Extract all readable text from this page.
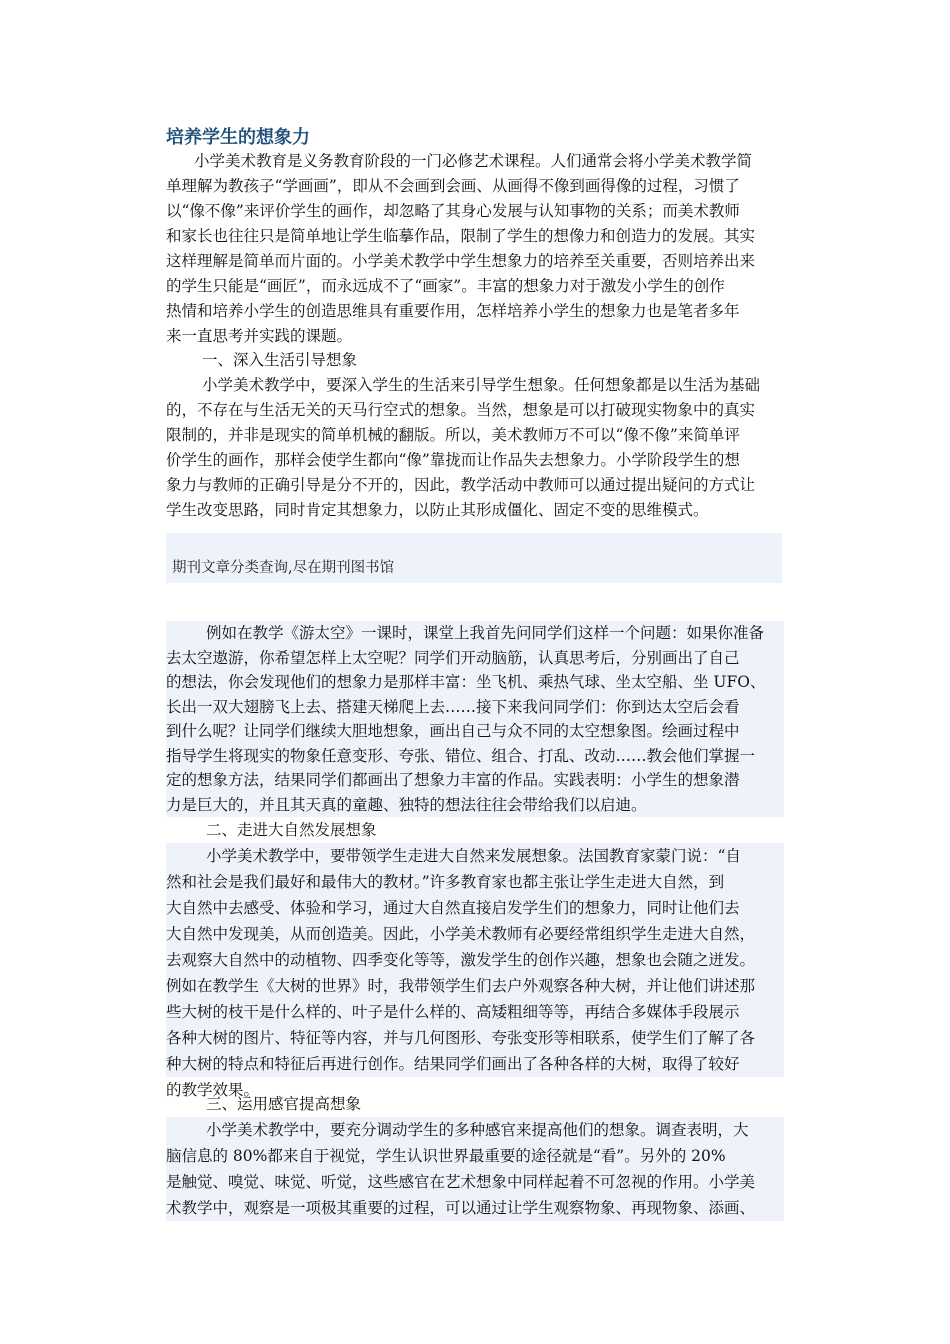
培养学生的想象力
小学美术教育是义务教育阶段的一门必修艺术课程。人们通常会将小学美术教学简
单理解为教孩子“学画画”，即从不会画到会画、从画得不像到画得像的过程，习惯了
以“像不像”来评价学生的画作，却忽略了其身心发展与认知事物的关系；而美术教师
和家长也往往只是简单地让学生临摹作品，限制了学生的想像力和创造力的发展。其实
这样理解是简单而片面的。小学美术教学中学生想象力的培养至关重要，否则培养出来
的学生只能是“画匠”，而永远成不了“画家”。丰富的想象力对于激发小学生的创作
热情和培养小学生的创造思维具有重要作用，怎样培养小学生的想象力也是笔者多年
来一直思考并实践的课题。
一、深入生活引导想象
小学美术教学中，要深入学生的生活来引导学生想象。任何想象都是以生活为基础
的，不存在与生活无关的天马行空式的想象。当然，想象是可以打破现实物象中的真实
限制的，并非是现实的简单机械的翻版。所以，美术教师万不可以“像不像”来简单评
价学生的画作，那样会使学生都向“像”靠拢而让作品失去想象力。小学阶段学生的想
象力与教师的正确引导是分不开的，因此，教学活动中教师可以通过提出疑问的方式让
学生改变思路，同时肯定其想象力，以防止其形成僵化、固定不变的思维模式。
期刊文章分类查询,尽在期刊图书馆
例如在教学《游太空》一课时，课堂上我首先问同学们这样一个问题：如果你准备
去太空遨游，你希望怎样上太空呢？同学们开动脑筋，认真思考后，分别画出了自己
的想法，你会发现他们的想象力是那样丰富：坐飞机、乘热气球、坐太空船、坐 UFO、
长出一双大翅膀飞上去、搭建天梯爬上去……接下来我问同学们：你到达太空后会看
到什么呢？让同学们继续大胆地想象，画出自己与众不同的太空想象图。绘画过程中
指导学生将现实的物象任意变形、夸张、错位、组合、打乱、改动……教会他们掌握一
定的想象方法，结果同学们都画出了想象力丰富的作品。实践表明：小学生的想象潜
力是巨大的，并且其天真的童趣、独特的想法往往会带给我们以启迪。
二、走进大自然发展想象
小学美术教学中，要带领学生走进大自然来发展想象。法国教育家蒙门说：“自
然和社会是我们最好和最伟大的教材。”许多教育家也都主张让学生走进大自然，到
大自然中去感受、体验和学习，通过大自然直接启发学生们的想象力，同时让他们去
大自然中发现美，从而创造美。因此，小学美术教师有必要经常组织学生走进大自然，
去观察大自然中的动植物、四季变化等等，激发学生的创作兴趣，想象也会随之迸发。
例如在教学生《大树的世界》时，我带领学生们去户外观察各种大树，并让他们讲述那
些大树的枝干是什么样的、叶子是什么样的、高矮粗细等等，再结合多媒体手段展示
各种大树的图片、特征等内容，并与几何图形、夸张变形等相联系，使学生们了解了各
种大树的特点和特征后再进行创作。结果同学们画出了各种各样的大树，取得了较好
的教学效果。
三、运用感官提高想象
小学美术教学中，要充分调动学生的多种感官来提高他们的想象。调查表明，大
脑信息的 80%都来自于视觉，学生认识世界最重要的途径就是“看”。另外的 20%
是触觉、嗅觉、味觉、听觉，这些感官在艺术想象中同样起着不可忽视的作用。小学美
术教学中，观察是一项极其重要的过程，可以通过让学生观察物象、再现物象、添画、
